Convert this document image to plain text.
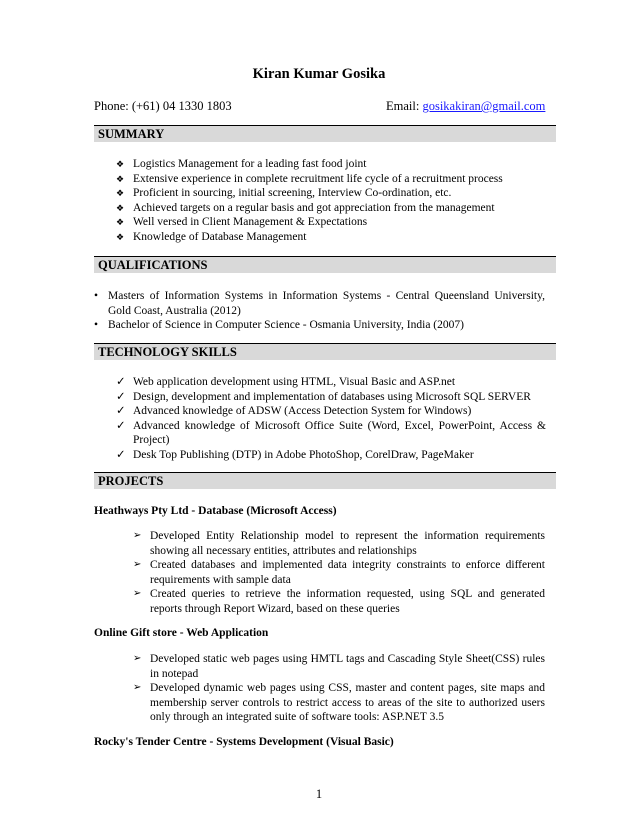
Kiran Kumar Gosika
Phone: (+61) 04 1330 1803	Email: gosikakiran@gmail.com
SUMMARY
❖ Logistics Management for a leading fast food joint
❖ Extensive experience in complete recruitment life cycle of a recruitment process
❖ Proficient in sourcing, initial screening, Interview Co-ordination, etc.
❖ Achieved targets on a regular basis and got appreciation from the management
❖ Well versed in Client Management & Expectations
❖ Knowledge of Database Management
QUALIFICATIONS
• Masters of Information Systems in Information Systems - Central Queensland University, Gold Coast, Australia (2012)
• Bachelor of Science in Computer Science - Osmania University, India (2007)
TECHNOLOGY SKILLS
✓ Web application development using HTML, Visual Basic and ASP.net
✓ Design, development and implementation of databases using Microsoft SQL SERVER
✓ Advanced knowledge of ADSW (Access Detection System for Windows)
✓ Advanced knowledge of Microsoft Office Suite (Word, Excel, PowerPoint, Access & Project)
✓ Desk Top Publishing (DTP) in Adobe PhotoShop, CorelDraw, PageMaker
PROJECTS
Heathways Pty Ltd - Database (Microsoft Access)
➢ Developed Entity Relationship model to represent the information requirements showing all necessary entities, attributes and relationships
➢ Created databases and implemented data integrity constraints to enforce different requirements with sample data
➢ Created queries to retrieve the information requested, using SQL and generated reports through Report Wizard, based on these queries
Online Gift store - Web Application
➢ Developed static web pages using HMTL tags and Cascading Style Sheet(CSS) rules in notepad
➢ Developed dynamic web pages using CSS, master and content pages, site maps and membership server controls to restrict access to areas of the site to authorized users only through an integrated suite of software tools: ASP.NET 3.5
Rocky's Tender Centre - Systems Development (Visual Basic)
1
